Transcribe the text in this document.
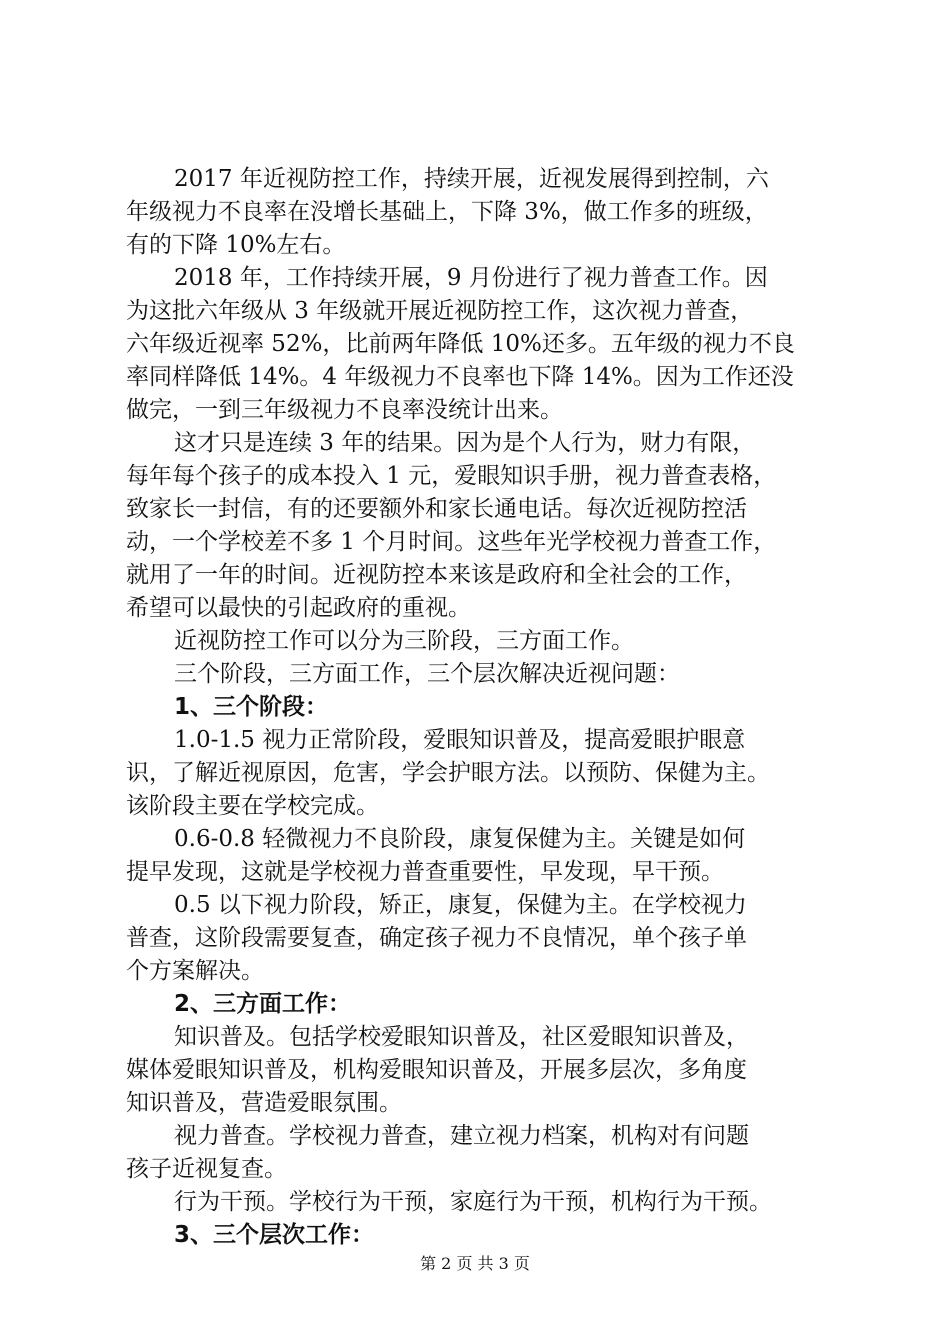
2017 年近视防控工作，持续开展，近视发展得到控制，六
年级视力不良率在没增长基础上，下降 3%，做工作多的班级，
有的下降 10%左右。
2018 年，工作持续开展，9 月份进行了视力普查工作。因
为这批六年级从 3 年级就开展近视防控工作，这次视力普查，
六年级近视率 52%，比前两年降低 10%还多。五年级的视力不良
率同样降低 14%。4 年级视力不良率也下降 14%。因为工作还没
做完，一到三年级视力不良率没统计出来。
这才只是连续 3 年的结果。因为是个人行为，财力有限，
每年每个孩子的成本投入 1 元，爱眼知识手册，视力普查表格，
致家长一封信，有的还要额外和家长通电话。每次近视防控活
动，一个学校差不多 1 个月时间。这些年光学校视力普查工作，
就用了一年的时间。近视防控本来该是政府和全社会的工作，
希望可以最快的引起政府的重视。
近视防控工作可以分为三阶段，三方面工作。
三个阶段，三方面工作，三个层次解决近视问题：
1、三个阶段：
1.0-1.5 视力正常阶段，爱眼知识普及，提高爱眼护眼意
识，了解近视原因，危害，学会护眼方法。以预防、保健为主。
该阶段主要在学校完成。
0.6-0.8 轻微视力不良阶段，康复保健为主。关键是如何
提早发现，这就是学校视力普查重要性，早发现，早干预。
0.5 以下视力阶段，矫正，康复，保健为主。在学校视力
普查，这阶段需要复查，确定孩子视力不良情况，单个孩子单
个方案解决。
2、三方面工作：
知识普及。包括学校爱眼知识普及，社区爱眼知识普及，
媒体爱眼知识普及，机构爱眼知识普及，开展多层次，多角度
知识普及，营造爱眼氛围。
视力普查。学校视力普查，建立视力档案，机构对有问题
孩子近视复查。
行为干预。学校行为干预，家庭行为干预，机构行为干预。
3、三个层次工作：
第 2 页 共 3 页
